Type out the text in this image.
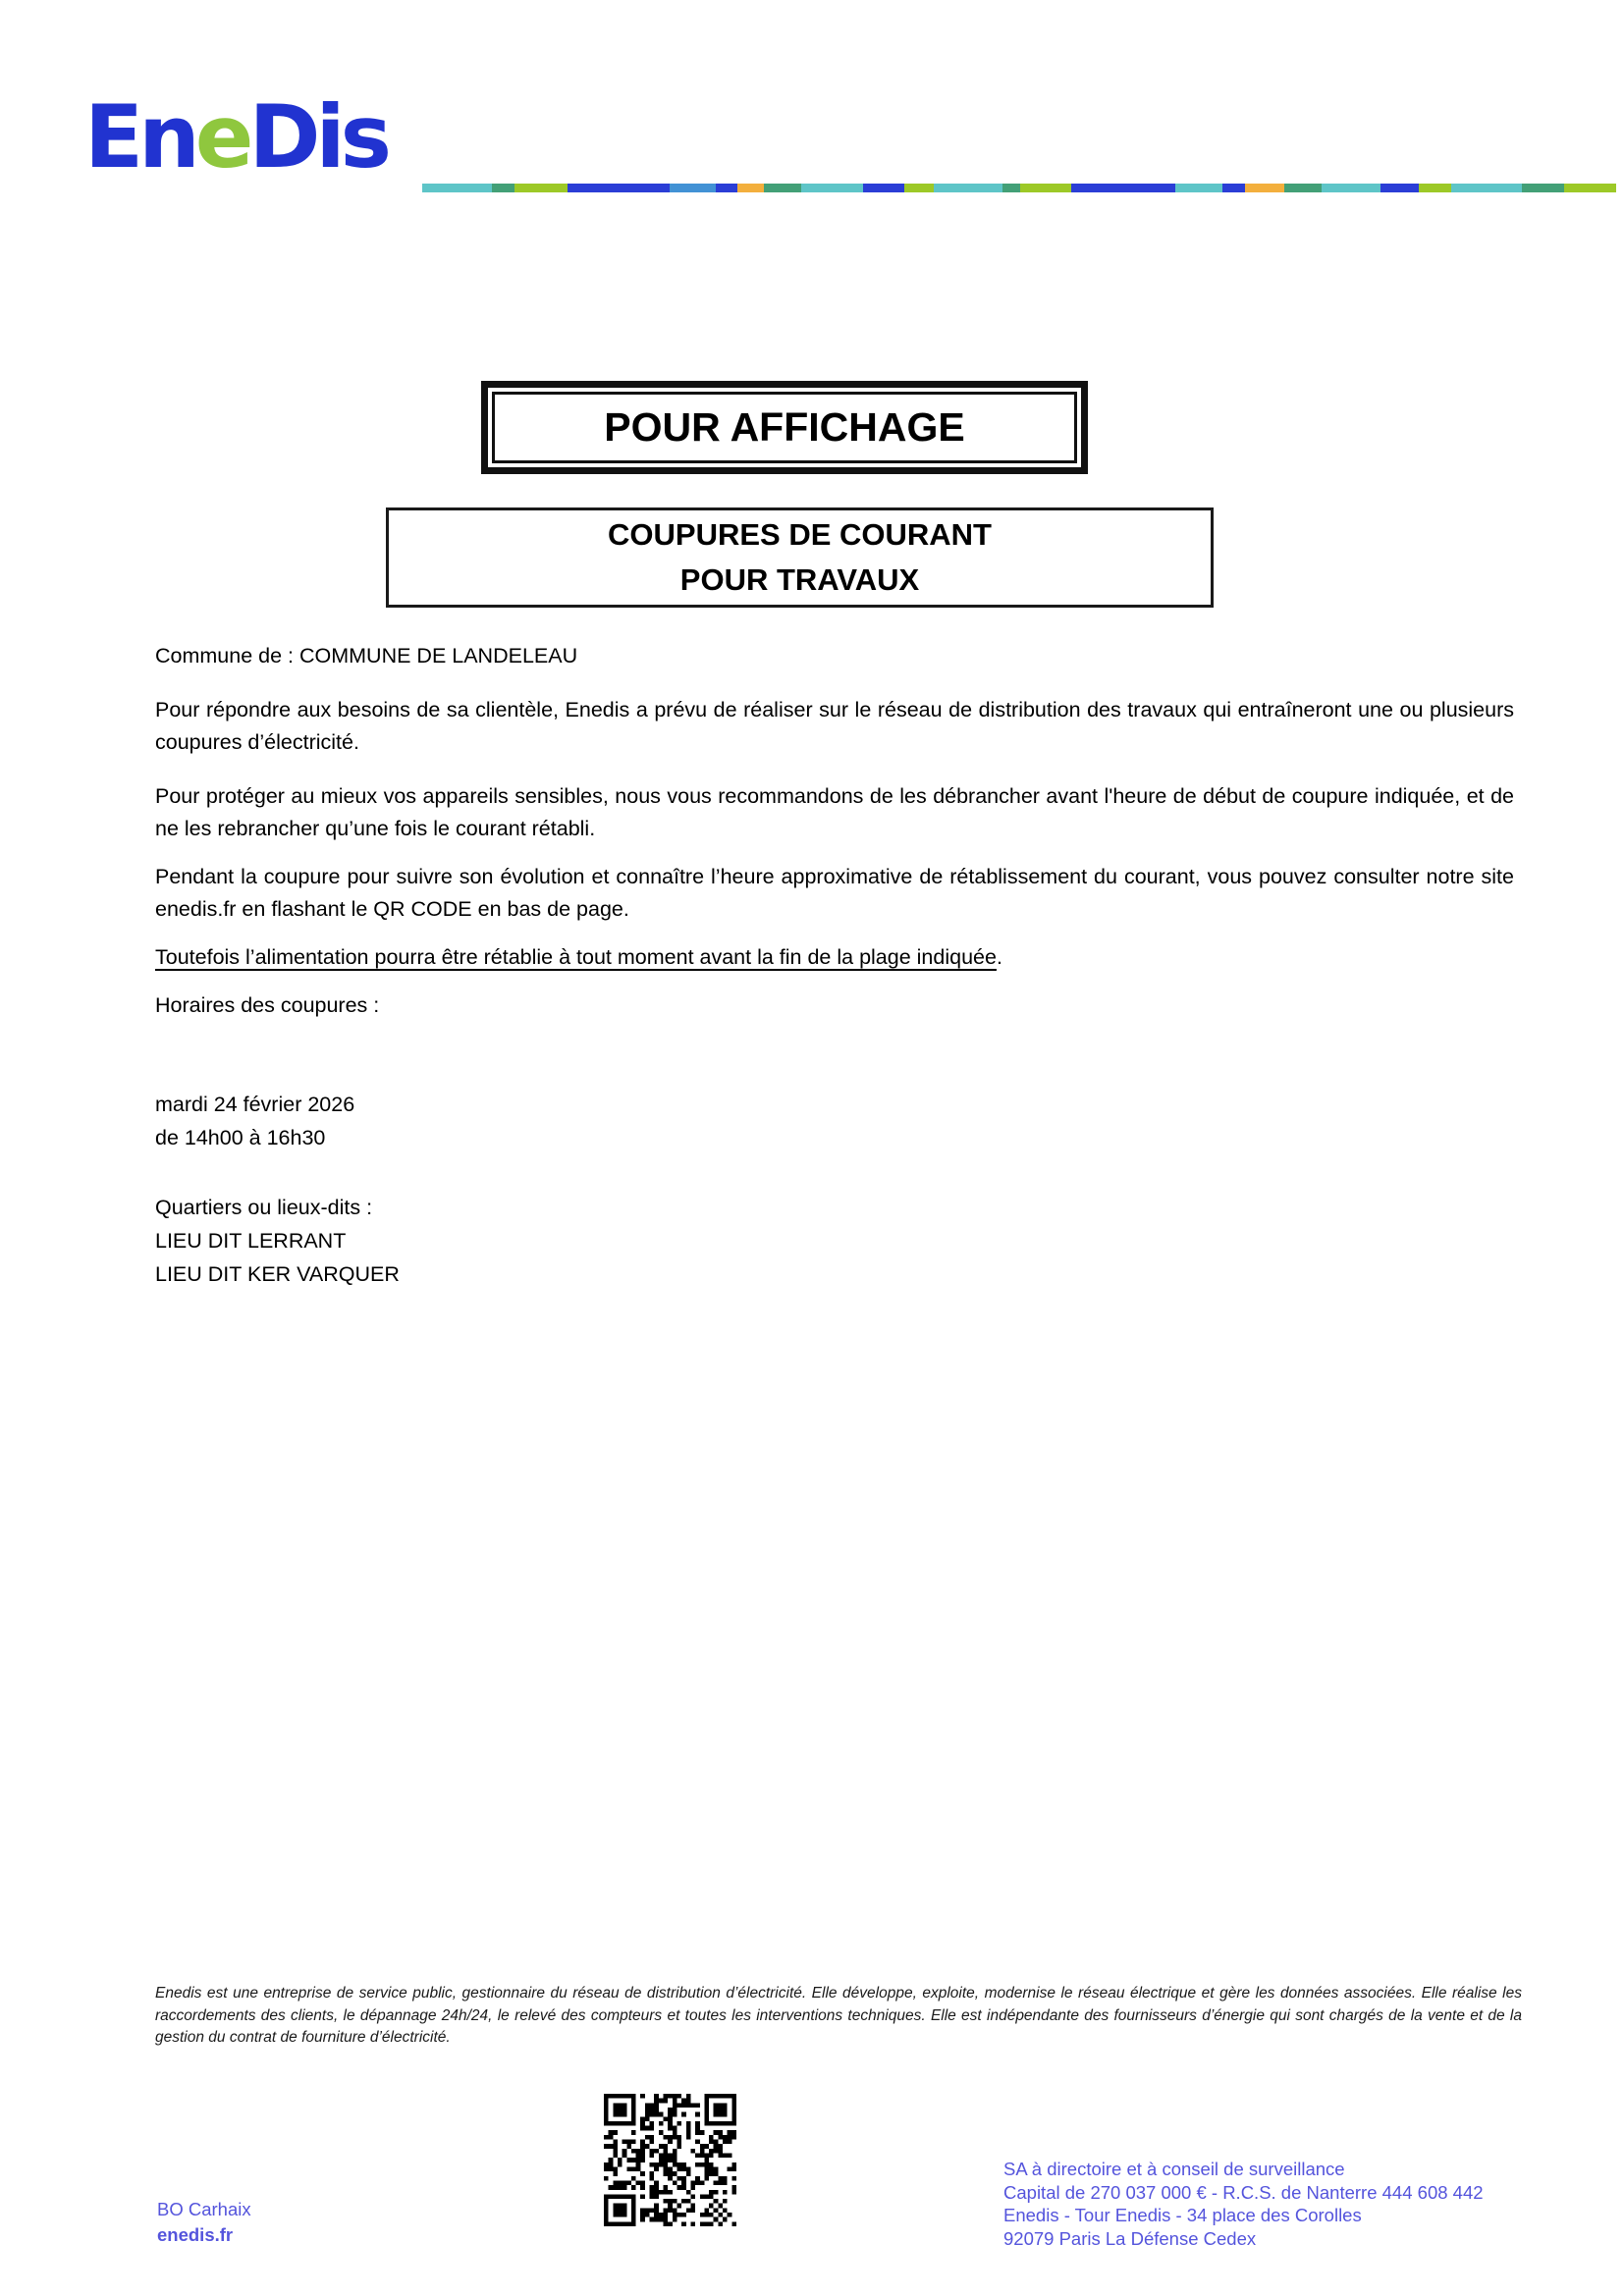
EneDis
POUR AFFICHAGE
COUPURES DE COURANT
POUR TRAVAUX

Commune de : COMMUNE DE LANDELEAU

Pour répondre aux besoins de sa clientèle, Enedis a prévu de réaliser sur le réseau de distribution des travaux qui entraîneront une ou plusieurs coupures d’électricité.

Pour protéger au mieux vos appareils sensibles, nous vous recommandons de les débrancher avant l'heure de début de coupure indiquée, et de ne les rebrancher qu’une fois le courant rétabli.

Pendant la coupure pour suivre son évolution et connaître l’heure approximative de rétablissement du courant, vous pouvez consulter notre site enedis.fr en flashant le QR CODE en bas de page.

Toutefois l’alimentation pourra être rétablie à tout moment avant la fin de la plage indiquée.

Horaires des coupures :

mardi 24 février 2026
de 14h00 à 16h30
Quartiers ou lieux-dits :
LIEU DIT LERRANT
LIEU DIT KER VARQUER
Enedis est une entreprise de service public, gestionnaire du réseau de distribution d’électricité. Elle développe, exploite, modernise le réseau électrique et gère les données associées. Elle réalise les raccordements des clients, le dépannage 24h/24, le relevé des compteurs et toutes les interventions techniques. Elle est indépendante des fournisseurs d’énergie qui sont chargés de la vente et de la gestion du contrat de fourniture d’électricité.
BO Carhaix
enedis.fr
SA à directoire et à conseil de surveillance
Capital de 270 037 000 € - R.C.S. de Nanterre 444 608 442
Enedis - Tour Enedis - 34 place des Corolles
92079 Paris La Défense Cedex
